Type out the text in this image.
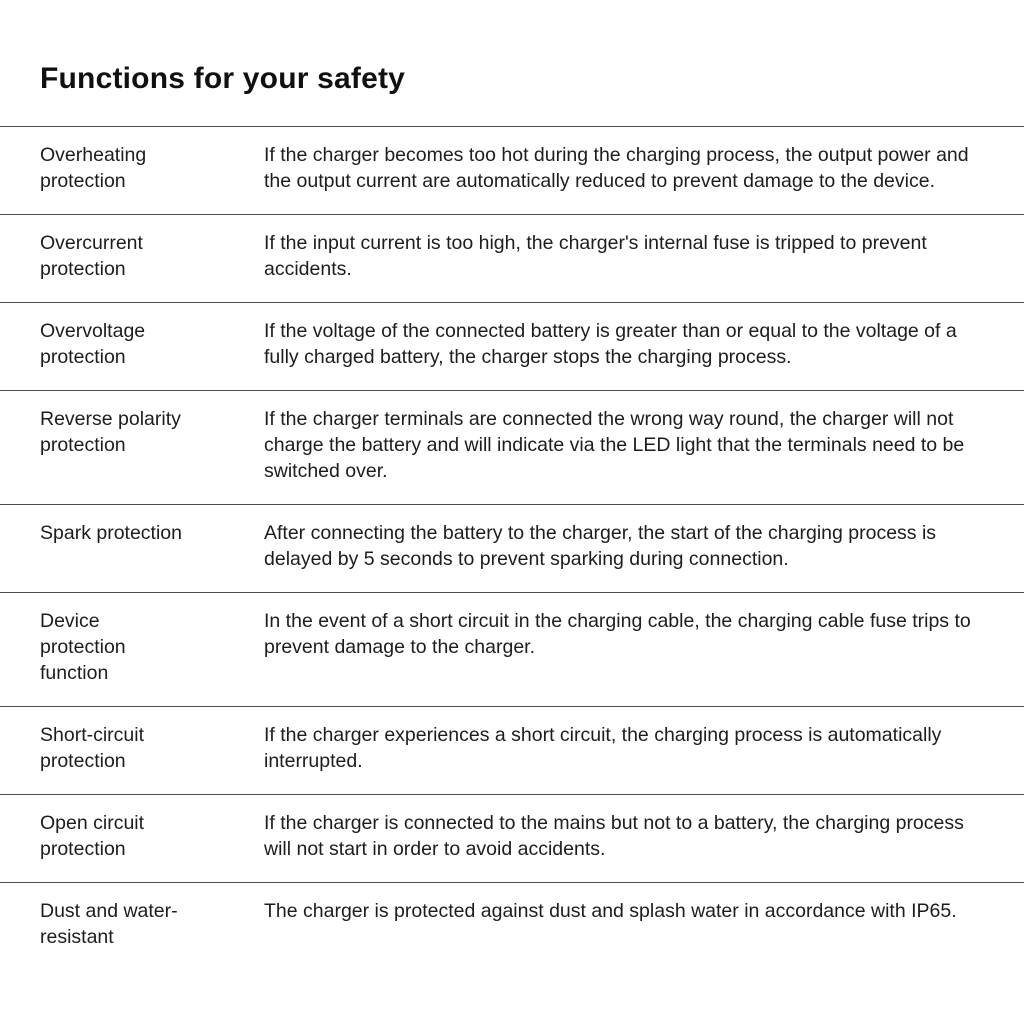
Functions for your safety
Overheating
protection
If the charger becomes too hot during the charging process, the output power and the output current are automatically reduced to prevent damage to the device.
Overcurrent
protection
If the input current is too high, the charger's internal fuse is tripped to prevent accidents.
Overvoltage
protection
If the voltage of the connected battery is greater than or equal to the voltage of a fully charged battery, the charger stops the charging process.
Reverse polarity
protection
If the charger terminals are connected the wrong way round, the charger will not charge the battery and will indicate via the LED light that the terminals need to be switched over.
Spark protection	After connecting the battery to the charger, the start of the charging process is delayed by 5 seconds to prevent sparking during connection.
Device
protection
function
In the event of a short circuit in the charging cable, the charging cable fuse trips to prevent damage to the charger.
Short-circuit
protection
If the charger experiences a short circuit, the charging process is automatically interrupted.
Open circuit
protection
If the charger is connected to the mains but not to a battery, the charging process will not start in order to avoid accidents.
Dust and water-
resistant
The charger is protected against dust and splash water in accordance with IP65.
